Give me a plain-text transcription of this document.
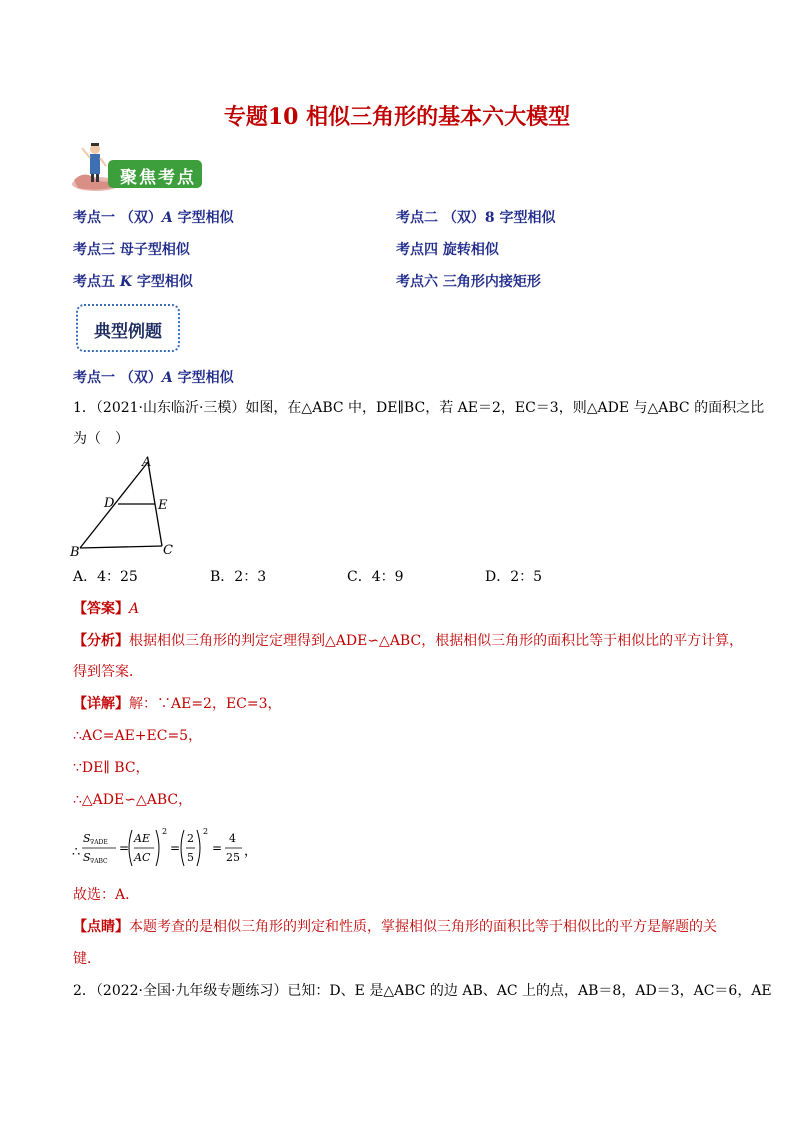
专题10 相似三角形的基本六大模型
聚焦考点
考点一 （双）A 字型相似	考点二 （双）8 字型相似
考点三 母子型相似	考点四 旋转相似
考点五 K 字型相似	考点六 三角形内接矩形
典型例题
考点一 （双）A 字型相似
1．（2021·山东临沂·三模）如图，在△ABC 中，DE∥BC，若 AE＝2，EC＝3，则△ADE 与△ABC 的面积之比
为（　）
A
D	E
B	C
A．4：25	B．2：3	C．4：9	D．2：5
【答案】A
【分析】根据相似三角形的判定定理得到△ADE∽△ABC，根据相似三角形的面积比等于相似比的平方计算，
得到答案．
【详解】解：∵AE=2，EC=3，
∴AC=AE+EC=5，
∵DE∥ BC，
∴△ADE∽△ABC，
∴
S ∇ADE
S ∇ABC
=
AE
AC
2
=
2
5
2
=
4
25 ，
故选：A．
【点睛】本题考查的是相似三角形的判定和性质，掌握相似三角形的面积比等于相似比的平方是解题的关
键．
2．（2022·全国·九年级专题练习）已知：D、E 是△ABC 的边 AB、AC 上的点，AB＝8，AD＝3，AC＝6，AE
